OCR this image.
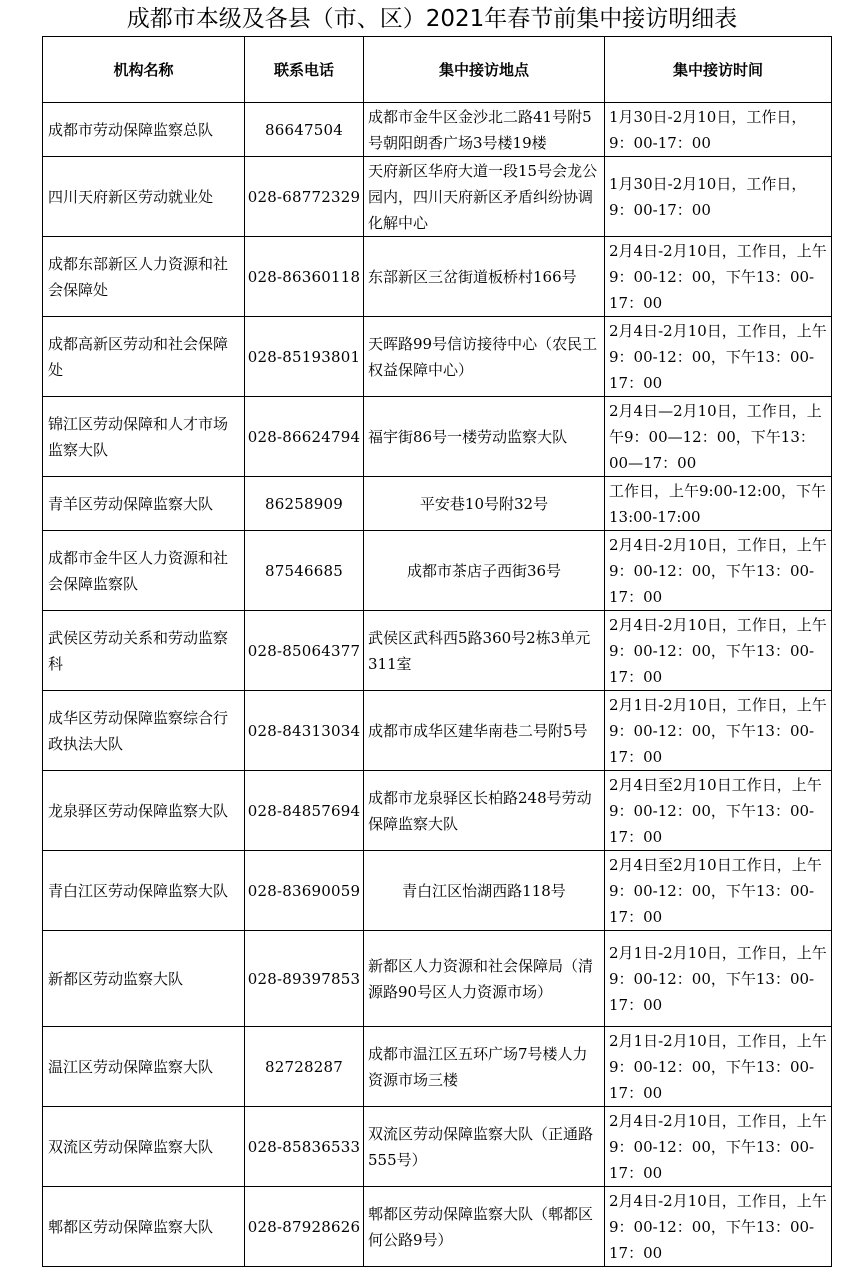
成都市本级及各县（市、区）2021年春节前集中接访明细表
机构名称	联系电话	集中接访地点	集中接访时间
成都市劳动保障监察总队	86647504	成都市金牛区金沙北二路41号附5号朝阳朗香广场3号楼19楼	1月30日-2月10日，工作日，9：00-17：00
四川天府新区劳动就业处	028-68772329	天府新区华府大道一段15号会龙公园内，四川天府新区矛盾纠纷协调化解中心	1月30日-2月10日，工作日，9：00-17：00
成都东部新区人力资源和社会保障处	028-86360118	东部新区三岔街道板桥村166号	2月4日-2月10日，工作日，上午9：00-12：00，下午13：00-17：00
成都高新区劳动和社会保障处	028-85193801	天晖路99号信访接待中心（农民工权益保障中心）	2月4日-2月10日，工作日，上午9：00-12：00，下午13：00-17：00
锦江区劳动保障和人才市场监察大队	028-86624794	福宇街86号一楼劳动监察大队	2月4日—2月10日，工作日，上午9：00—12：00，下午13：00—17：00
青羊区劳动保障监察大队	86258909	平安巷10号附32号	工作日，上午9:00-12:00，下午13:00-17:00
成都市金牛区人力资源和社会保障监察队	87546685	成都市茶店子西街36号	2月4日-2月10日，工作日，上午9：00-12：00，下午13：00-17：00
武侯区劳动关系和劳动监察科	028-85064377	武侯区武科西5路360号2栋3单元311室	2月4日-2月10日，工作日，上午9：00-12：00，下午13：00-17：00
成华区劳动保障监察综合行政执法大队	028-84313034	成都市成华区建华南巷二号附5号	2月1日-2月10日，工作日，上午9：00-12：00，下午13：00-17：00
龙泉驿区劳动保障监察大队	028-84857694	成都市龙泉驿区长柏路248号劳动保障监察大队	2月4日至2月10日工作日，上午9：00-12：00，下午13：00-17：00
青白江区劳动保障监察大队	028-83690059	青白江区怡湖西路118号	2月4日至2月10日工作日，上午9：00-12：00，下午13：00-17：00
新都区劳动监察大队	028-89397853	新都区人力资源和社会保障局（清源路90号区人力资源市场）	2月1日-2月10日，工作日，上午9：00-12：00，下午13：00-17：00
温江区劳动保障监察大队	82728287	成都市温江区五环广场7号楼人力资源市场三楼	2月1日-2月10日，工作日，上午9：00-12：00，下午13：00-17：00
双流区劳动保障监察大队	028-85836533	双流区劳动保障监察大队（正通路555号）	2月4日-2月10日，工作日，上午9：00-12：00，下午13：00-17：00
郫都区劳动保障监察大队	028-87928626	郫都区劳动保障监察大队（郫都区何公路9号）	2月4日-2月10日，工作日，上午9：00-12：00，下午13：00-17：00
